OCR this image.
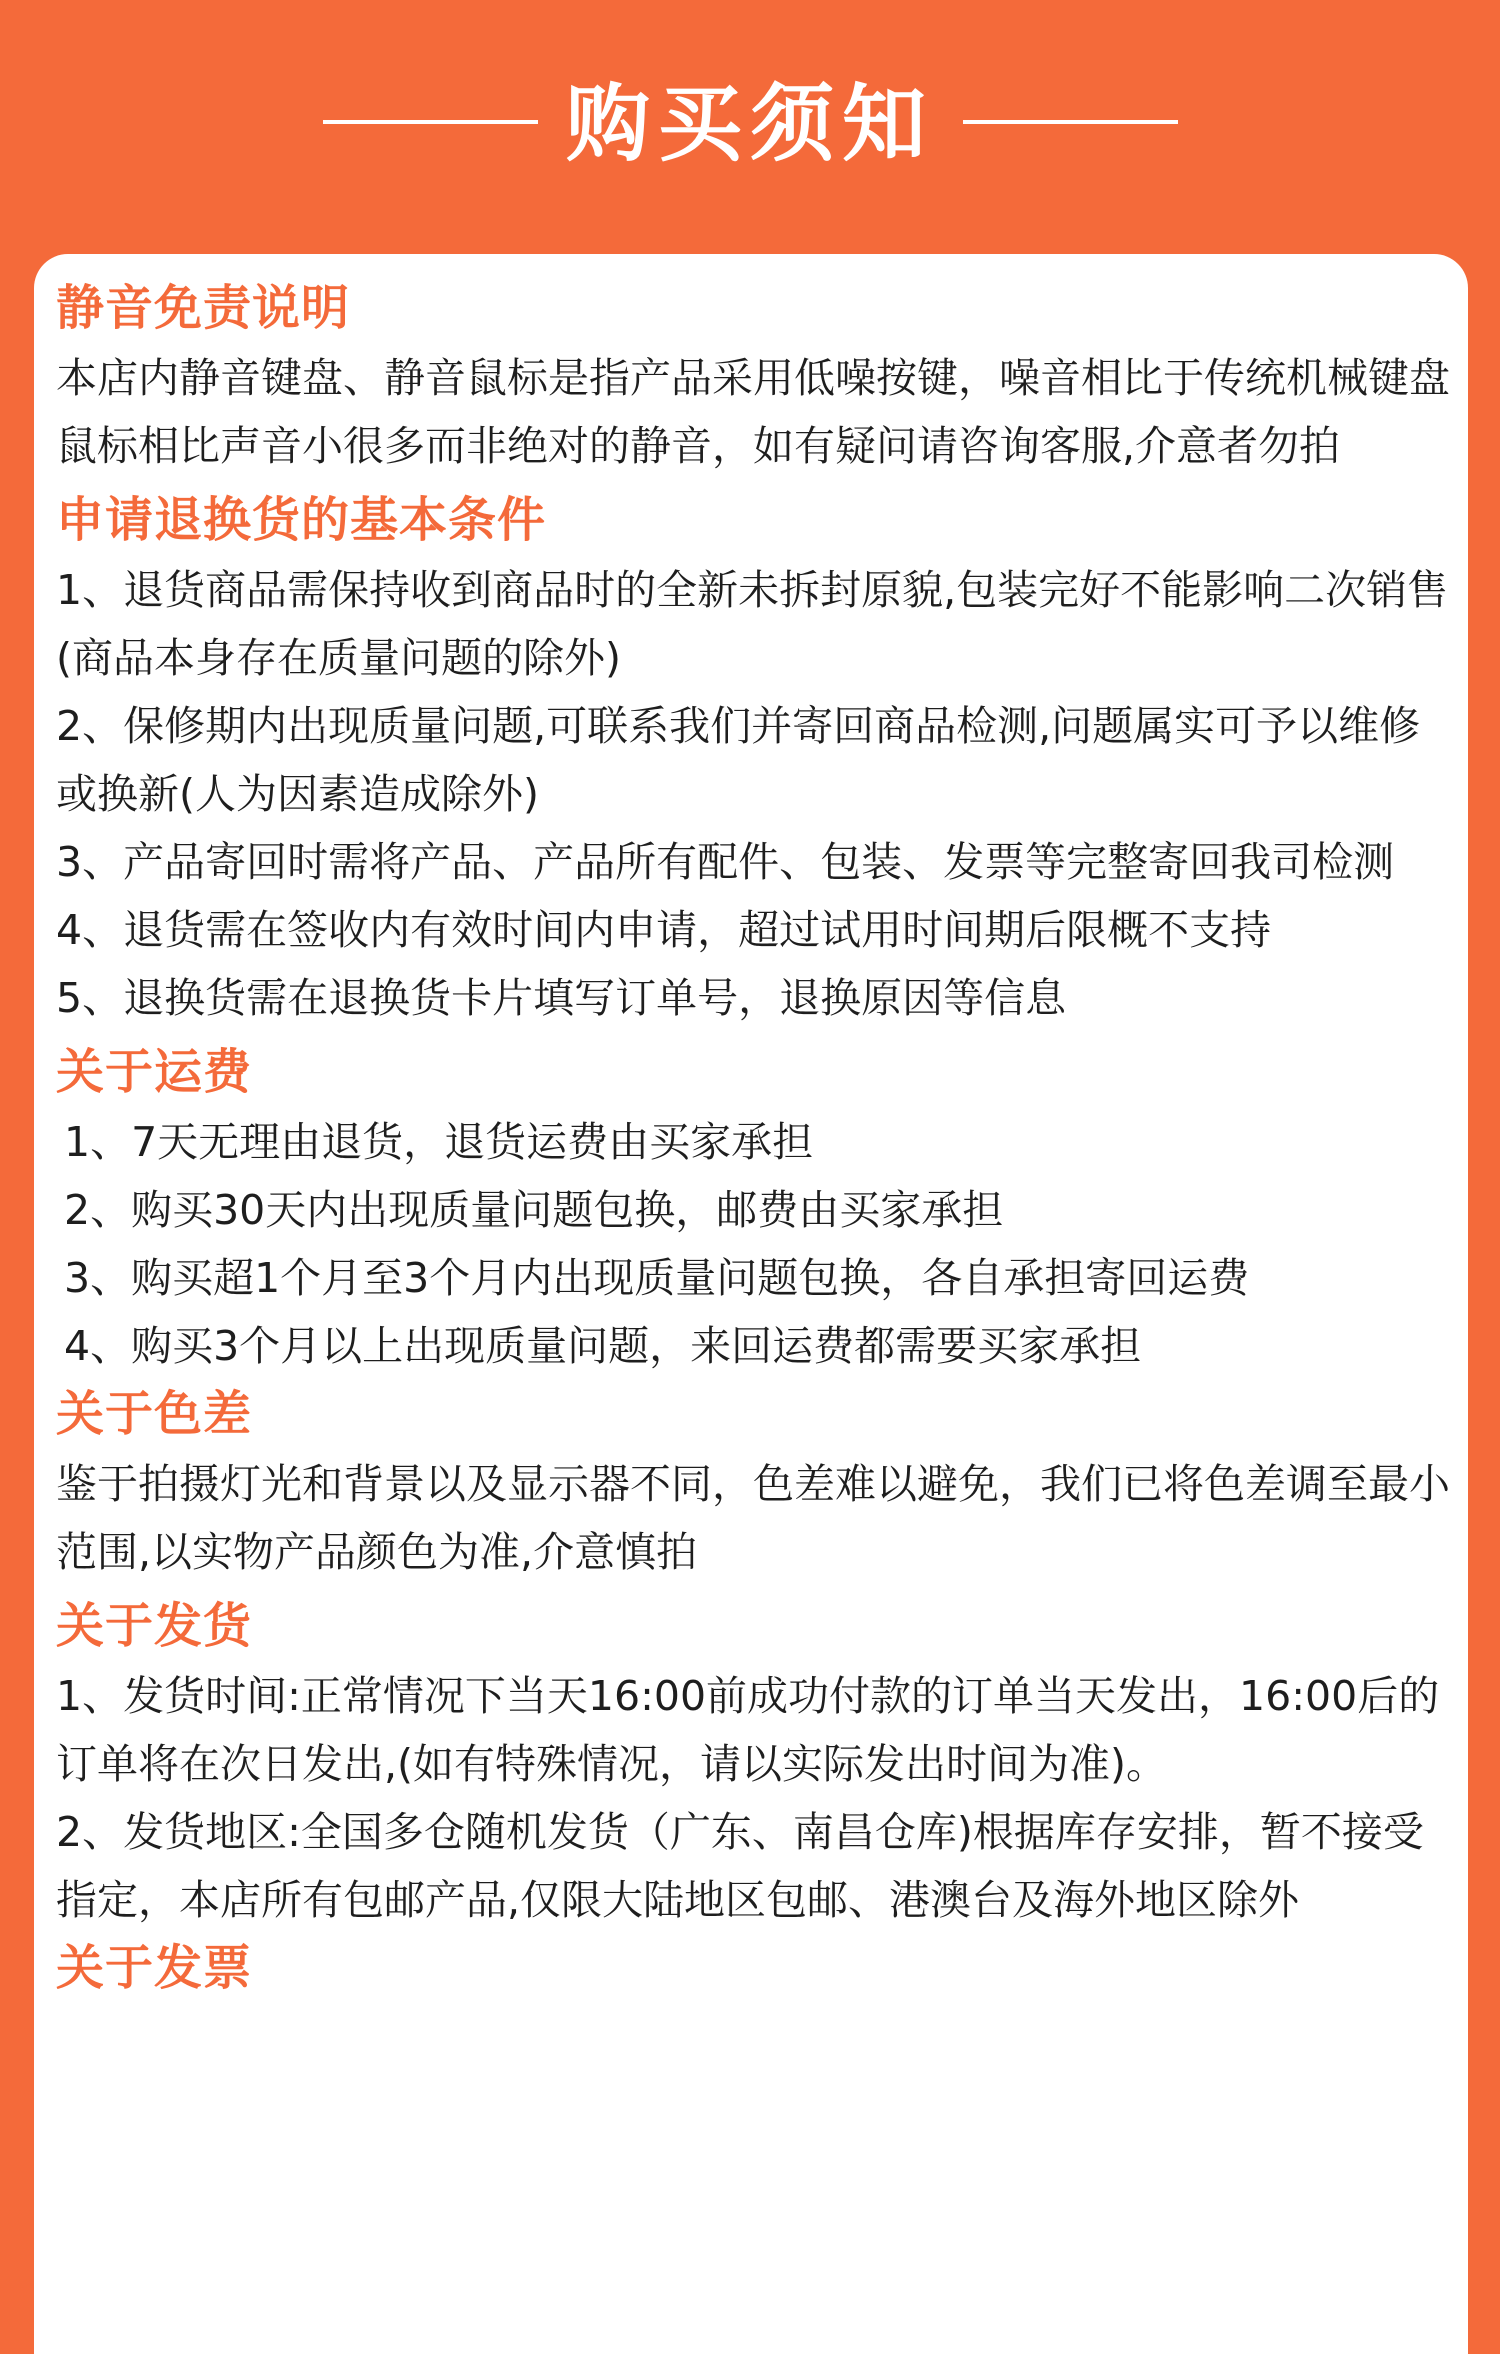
购买须知
静音免责说明

本店内静音键盘、静音鼠标是指产品采用低噪按键，噪音相比于传统机械键盘鼠标相比声音小很多而非绝对的静音，如有疑问请咨询客服,介意者勿拍

申请退换货的基本条件
1、退货商品需保持收到商品时的全新未拆封原貌,包装完好不能影响二次销售(商品本身存在质量问题的除外)
2、保修期内出现质量问题,可联系我们并寄回商品检测,问题属实可予以维修或换新(人为因素造成除外)
3、产品寄回时需将产品、产品所有配件、包装、发票等完整寄回我司检测
4、退货需在签收内有效时间内申请，超过试用时间期后限概不支持
5、退换货需在退换货卡片填写订单号，退换原因等信息
关于运费
1、7天无理由退货，退货运费由买家承担
2、购买30天内出现质量问题包换，邮费由买家承担
3、购买超1个月至3个月内出现质量问题包换，各自承担寄回运费
4、购买3个月以上出现质量问题，来回运费都需要买家承担
关于色差

鉴于拍摄灯光和背景以及显示器不同，色差难以避免，我们已将色差调至最小范围,以实物产品颜色为准,介意慎拍

关于发货
1、发货时间:正常情况下当天16:00前成功付款的订单当天发出，16:00后的订单将在次日发出,(如有特殊情况，请以实际发出时间为准)。
2、发货地区:全国多仓随机发货（广东、南昌仓库)根据库存安排，暂不接受指定，本店所有包邮产品,仅限大陆地区包邮、港澳台及海外地区除外
关于发票
